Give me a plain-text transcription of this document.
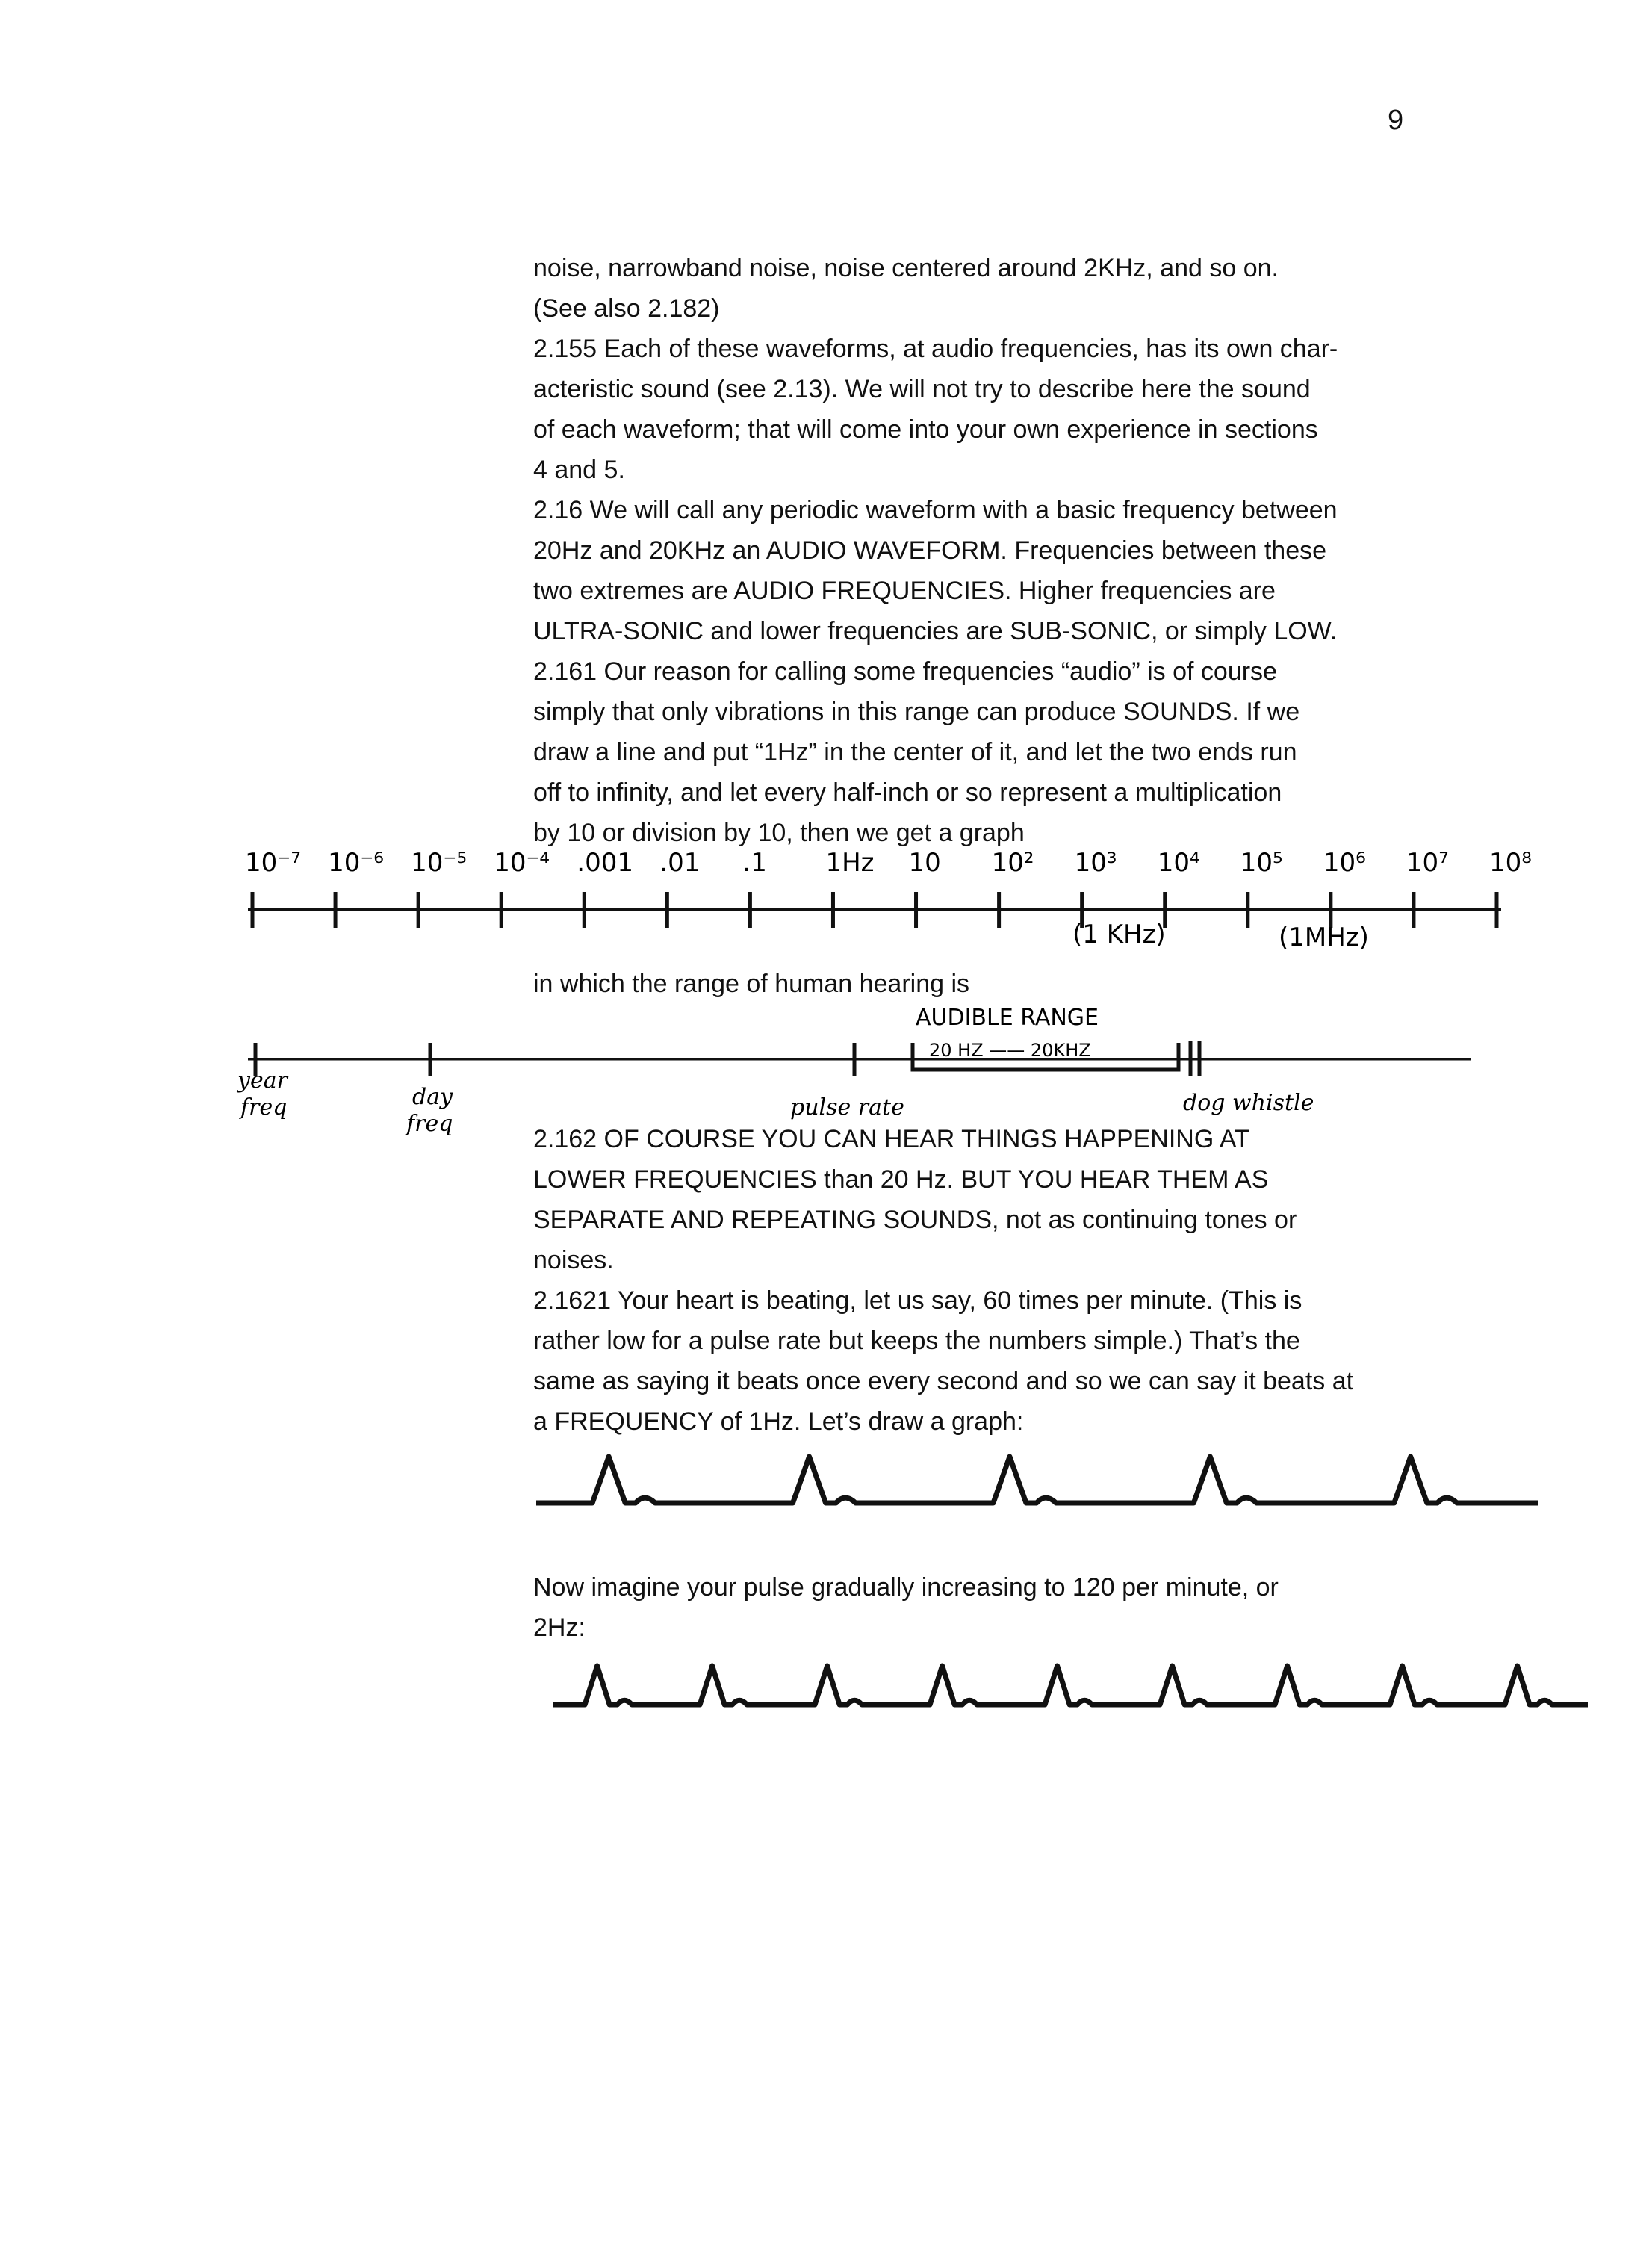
9

noise, narrowband noise, noise centered around 2KHz, and so on.

(See also 2.182)

2.155 Each of these waveforms, at audio frequencies, has its own char-

acteristic sound (see 2.13). We will not try to describe here the sound

of each waveform; that will come into your own experience in sections

4 and 5.

2.16 We will call any periodic waveform with a basic frequency between

20Hz and 20KHz an AUDIO WAVEFORM. Frequencies between these

two extremes are AUDIO FREQUENCIES. Higher frequencies are

ULTRA-SONIC and lower frequencies are SUB-SONIC, or simply LOW.

2.161 Our reason for calling some frequencies “audio” is of course

simply that only vibrations in this range can produce SOUNDS. If we

draw a line and put “1Hz” in the center of it, and let the two ends run

off to infinity, and let every half-inch or so represent a multiplication

by 10 or division by 10, then we get a graph

10⁻⁷ 10⁻⁶ 10⁻⁵ 10⁻⁴ .001 .01 .1 1Hz 10 10² 10³ 10⁴ 10⁵ 10⁶ 10⁷ 10⁸
(1 KHz)	(1MHz)
AUDIBLE RANGE
20 HZ —— 20KHZ
year
freq	day
freq
pulse rate	dog whistle

in which the range of human hearing is

2.162 OF COURSE YOU CAN HEAR THINGS HAPPENING AT

LOWER FREQUENCIES than 20 Hz. BUT YOU HEAR THEM AS

SEPARATE AND REPEATING SOUNDS, not as continuing tones or

noises.

2.1621 Your heart is beating, let us say, 60 times per minute. (This is

rather low for a pulse rate but keeps the numbers simple.) That’s the

same as saying it beats once every second and so we can say it beats at

a FREQUENCY of 1Hz. Let’s draw a graph:

Now imagine your pulse gradually increasing to 120 per minute, or

2Hz:
